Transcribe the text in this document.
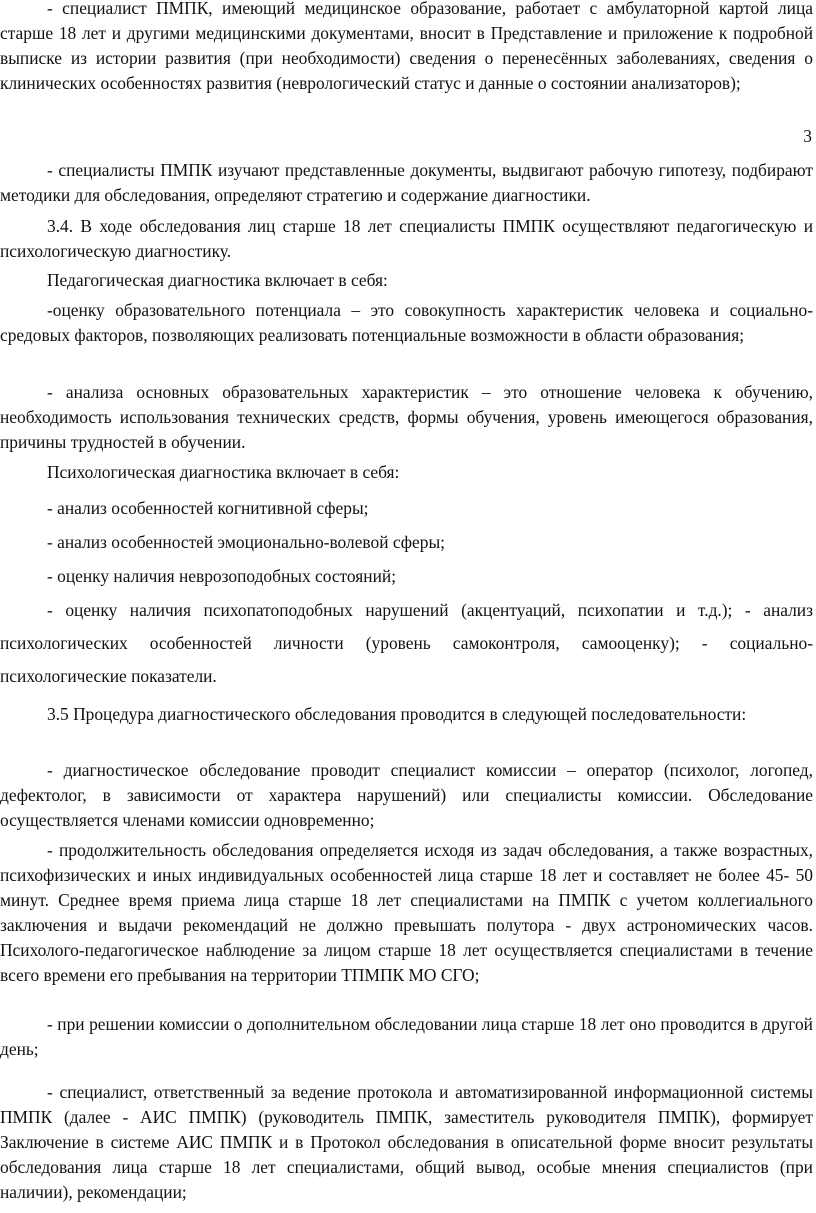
- специалист ПМПК, имеющий медицинское образование, работает с амбулаторной картой лица старше 18 лет и другими медицинскими документами, вносит в Представление и приложение к подробной выписке из истории развития (при необходимости) сведения о перенесённых заболеваниях, сведения о клинических особенностях развития (неврологический статус и данные о состоянии анализаторов);

3

- специалисты ПМПК изучают представленные документы, выдвигают рабочую гипотезу, подбирают методики для обследования, определяют стратегию и содержание диагностики.

3.4. В ходе обследования лиц старше 18 лет специалисты ПМПК осуществляют педагогическую и психологическую диагностику.

Педагогическая диагностика включает в себя:

-оценку образовательного потенциала – это совокупность характеристик человека и социально-средовых факторов, позволяющих реализовать потенциальные возможности в области образования;

- анализа основных образовательных характеристик – это отношение человека к обучению, необходимость использования технических средств, формы обучения, уровень имеющегося образования, причины трудностей в обучении.

Психологическая диагностика включает в себя:

- анализ особенностей когнитивной сферы;

- анализ особенностей эмоционально-волевой сферы;

- оценку наличия неврозоподобных состояний;

- оценку наличия психопатоподобных нарушений (акцентуаций, психопатии и т.д.); - анализ психологических особенностей личности (уровень самоконтроля, самооценку); - социально-психологические показатели.

3.5 Процедура диагностического обследования проводится в следующей последовательности:

- диагностическое обследование проводит специалист комиссии – оператор (психолог, логопед, дефектолог, в зависимости от характера нарушений) или специалисты комиссии. Обследование осуществляется членами комиссии одновременно;

- продолжительность обследования определяется исходя из задач обследования, а также возрастных, психофизических и иных индивидуальных особенностей лица старше 18 лет и составляет не более 45- 50 минут. Среднее время приема лица старше 18 лет специалистами на ПМПК с учетом коллегиального заключения и выдачи рекомендаций не должно превышать полутора - двух астрономических часов. Психолого-педагогическое наблюдение за лицом старше 18 лет осуществляется специалистами в течение всего времени его пребывания на территории ТПМПК МО СГО;

- при решении комиссии о дополнительном обследовании лица старше 18 лет оно проводится в другой день;

- специалист, ответственный за ведение протокола и автоматизированной информационной системы ПМПК (далее - АИС ПМПК) (руководитель ПМПК, заместитель руководителя ПМПК), формирует Заключение в системе АИС ПМПК и в Протокол обследования в описательной форме вносит результаты обследования лица старше 18 лет специалистами, общий вывод, особые мнения специалистов (при наличии), рекомендации;
